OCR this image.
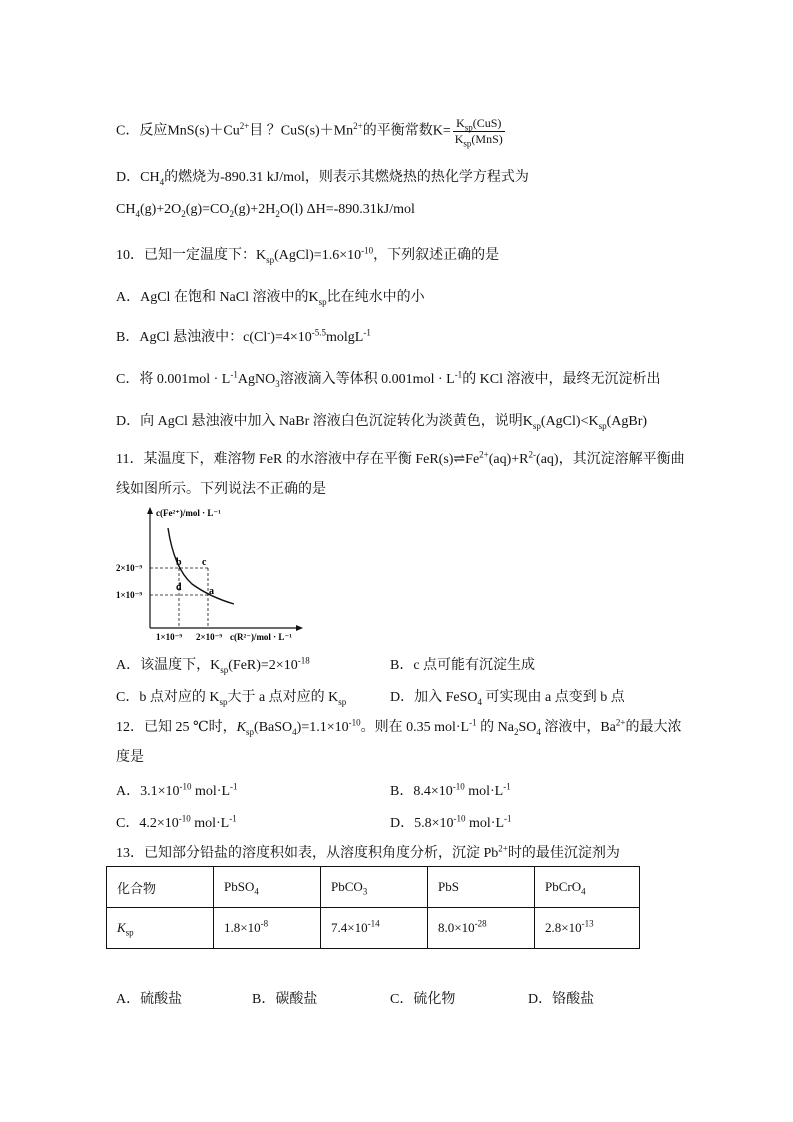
C．反应$MnS(s)+Cu^{2+}$目 ？$CuS(s)+Mn^{2+}$的平衡常数$K= \frac{K_{sp}(CuS)}{K_{sp}(MnS)}$
D．$CH_4$的燃烧为-890.31 kJ/mol，则表示其燃烧热的热化学方程式为
$CH_4(g)+2O_2(g)=CO_2(g)+2H_2O(l)$ ΔH=-890.31kJ/mol
10．已知一定温度下：$K_{sp}(AgCl)=1.6\times 10^{-10}$，下列叙述正确的是
A．AgCl 在饱和 NaCl 溶液中的$K_{sp}$比在纯水中的小
B．AgCl 悬浊液中：$c(Cl^-)=4\times 10^{-5.5}molgL^{-1}$
C．将 $0.001mol \cdot L^{-1}AgNO_3$溶液滴入等体积 $0.001mol \cdot L^{-1}$的 KCl 溶液中，最终无沉淀析出
D．向 AgCl 悬浊液中加入 NaBr 溶液白色沉淀转化为淡黄色，说明$K_{sp}(AgCl)<K_{sp}(AgBr)$
11．某温度下，难溶物 FeR 的水溶液中存在平衡 $FeR(s)\rightleftharpoons Fe^{2+}(aq)+R^{2-}(aq)$，其沉淀溶解平衡曲
线如图所示。下列说法不正确的是
c(Fe²⁺)/mol · L⁻¹
c(R²⁻)/mol · L⁻¹
2×10⁻⁹
1×10⁻⁹
1×10⁻⁹ 2×10⁻⁹
b c
d	a
A．该温度下，$K_{sp}(FeR)=2\times 10^{-18}$	B．c 点可能有沉淀生成
C．b 点对应的 $K_{sp}$大于 a 点对应的 $K_{sp}$	D．加入 FeSO$_4$ 可实现由 a 点变到 b 点
12．已知 25 ℃时，$K_{sp}(BaSO_4)=1.1\times 10^{-10}$。则在 0.35 $mol\cdot L^{-1}$ 的 $Na_2SO_4$ 溶液中，$Ba^{2+}$的最大浓
度是
A．$3.1\times 10^{-10}$ $mol\cdot L^{-1}$	B．$8.4\times 10^{-10}$ $mol\cdot L^{-1}$
C．$4.2\times 10^{-10}$ $mol\cdot L^{-1}$	D．$5.8\times 10^{-10}$ $mol\cdot L^{-1}$
13．已知部分铅盐的溶度积如表，从溶度积角度分析，沉淀 $Pb^{2+}$时的最佳沉淀剂为
化合物	PbSO$_4$	PbCO$_3$	PbS	PbCrO$_4$
$K_{sp}$	$1.8\times 10^{-8}$	$7.4\times 10^{-14}$	$8.0\times 10^{-28}$	$2.8\times 10^{-13}$
A．硫酸盐	B．碳酸盐	C．硫化物	D．铬酸盐
